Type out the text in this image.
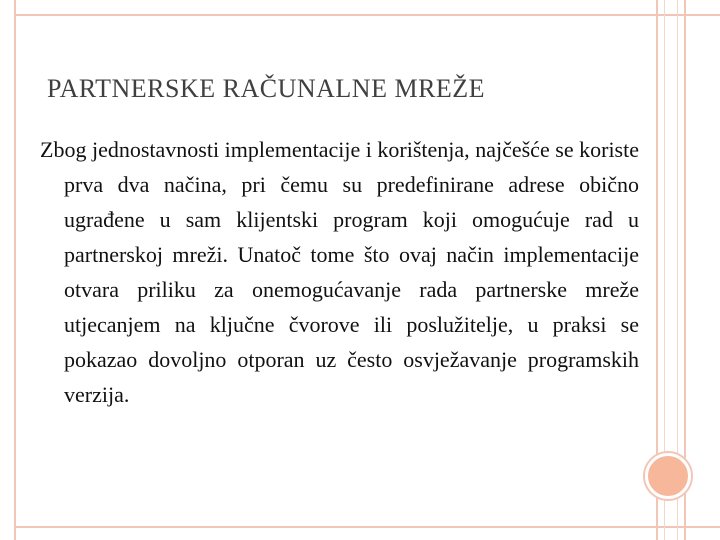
PARTNERSKE RAČUNALNE MREŽE
Zbog jednostavnosti implementacije i korištenja, najčešće se koriste prva dva načina, pri čemu su predefinirane adrese obično ugrađene u sam klijentski program koji omogućuje rad u partnerskoj mreži. Unatoč tome što ovaj način implementacije otvara priliku za onemogućavanje rada partnerske mreže utjecanjem na ključne čvorove ili poslužitelje, u praksi se pokazao dovoljno otporan uz često osvježavanje programskih verzija.
